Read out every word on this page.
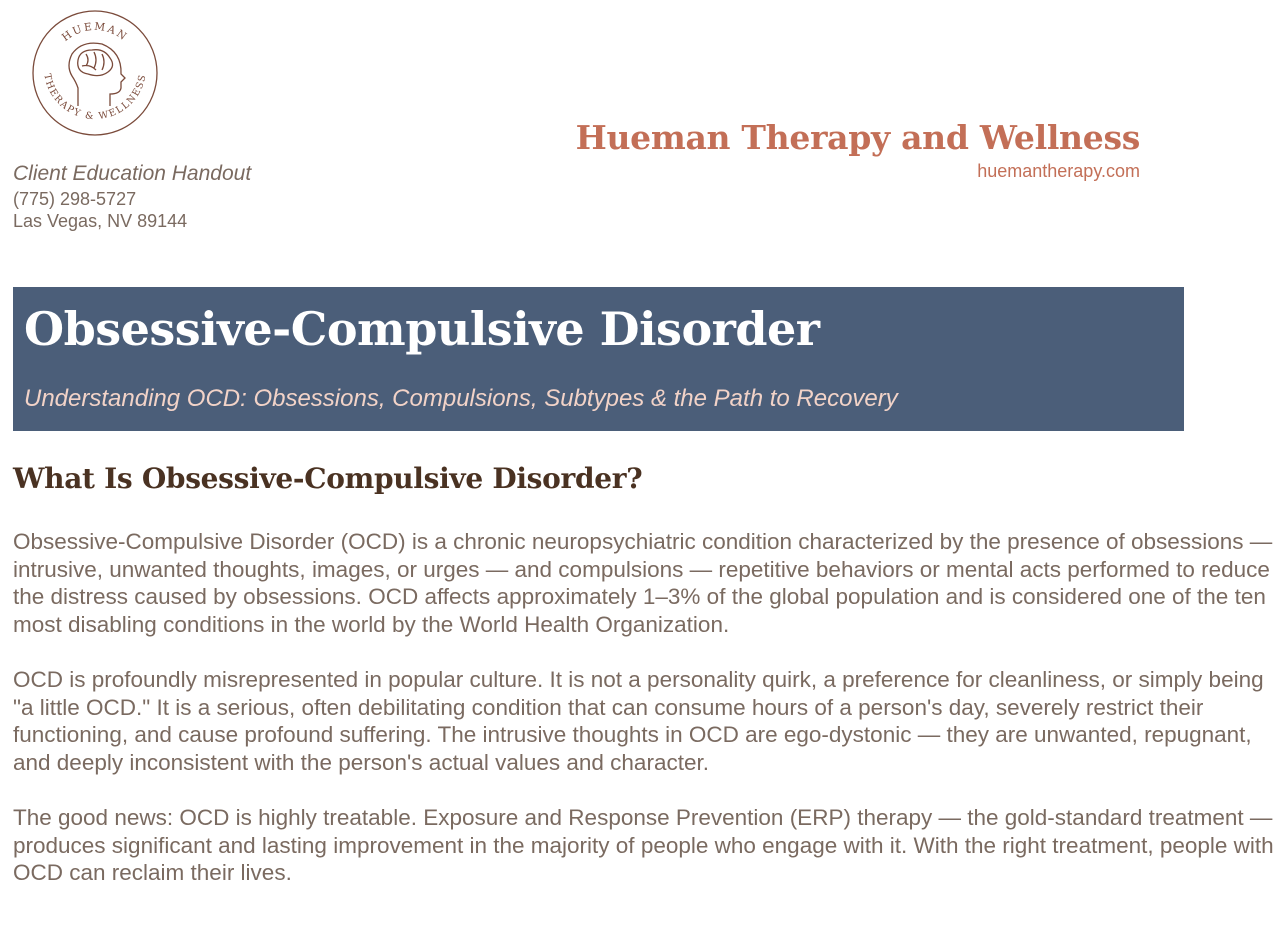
HUEMAN
THERAPY & WELLNESS
Client Education Handout
(775) 298-5727
Las Vegas, NV 89144
Hueman Therapy and Wellness
huemantherapy.com
Obsessive-Compulsive Disorder
Understanding OCD: Obsessions, Compulsions, Subtypes & the Path to Recovery
What Is Obsessive-Compulsive Disorder?

Obsessive-Compulsive Disorder (OCD) is a chronic neuropsychiatric condition characterized by the presence of obsessions — intrusive, unwanted thoughts, images, or urges — and compulsions — repetitive behaviors or mental acts performed to reduce the distress caused by obsessions. OCD affects approximately 1–3% of the global population and is considered one of the ten most disabling conditions in the world by the World Health Organization.

OCD is profoundly misrepresented in popular culture. It is not a personality quirk, a preference for cleanliness, or simply being "a little OCD." It is a serious, often debilitating condition that can consume hours of a person's day, severely restrict their functioning, and cause profound suffering. The intrusive thoughts in OCD are ego-dystonic — they are unwanted, repugnant, and deeply inconsistent with the person's actual values and character.

The good news: OCD is highly treatable. Exposure and Response Prevention (ERP) therapy — the gold-standard treatment — produces significant and lasting improvement in the majority of people who engage with it. With the right treatment, people with OCD can reclaim their lives.
